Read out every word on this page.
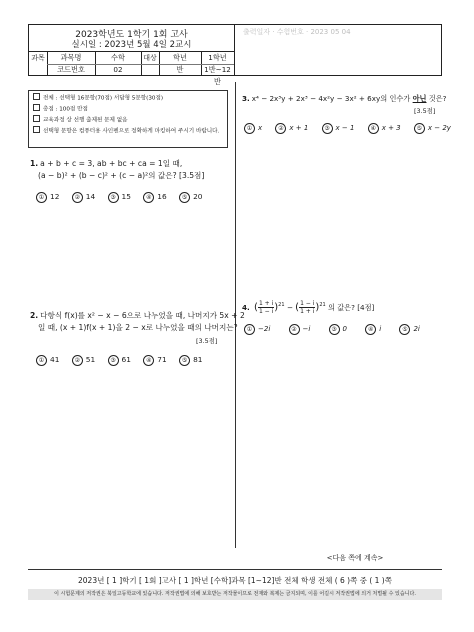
2023학년도 1학기 1회 고사
실시일 : 2023년 5월 4일 2교시
과목	과목명	수학	대상	학년	1학년
코드번호	02	반	1반~12반
출력일자 · 수험번호 · 2023 05 04
전체 : 선택형 16문항(70점) 서답형 5문항(30점)
총점 : 100점 만점
교육과정 상 선행 출제된 문제 없음
선택형 문항은 컴퓨터용 사인펜으로 정확하게 마킹하여 주시기 바랍니다.
1. a + b + c = 3, ab + bc + ca = 1일 때,
(a − b)² + (b − c)² + (c − a)²의 값은? [3.5점]
① 12	② 14	③ 15	④ 16	⑤ 20
2. 다항식 f(x)를 x² − x − 6으로 나누었을 때, 나머지가 5x + 2
일 때, (x + 1)f(x + 1)을 2 − x로 나누었을 때의 나머지는?
[3.5점]
① 41	② 51	③ 61	④ 71	⑤ 81
3. x⁴ − 2x³y + 2x³ − 4x²y − 3x² + 6xy의 인수가 아닌 것은?
[3.5점]
① x	② x + 1	③ x − 1	④ x + 3	⑤ x − 2y
4. ( $\frac{1 + i}{1 - i} )^{21}$ − ( $\frac{1 - i}{1 + i} )^{21}$ 의 값은? [4점]
① −2i	② −i	③ 0	④ i	⑤ 2i
<다음 쪽에 계속>
2023년 [ 1 ]학기 [ 1회 ]고사 [ 1 ]학년 [수학]과목 [1~12]반 전체 학생 전체 ( 6 )쪽 중 ( 1 )쪽
이 시험문제의 저작권은 북일고등학교에 있습니다. 저작권법에 의해 보호받는 저작물이므로 전재와 복제는 금지되며, 이를 어길시 저작권법에 의거 처벌될 수 있습니다.
